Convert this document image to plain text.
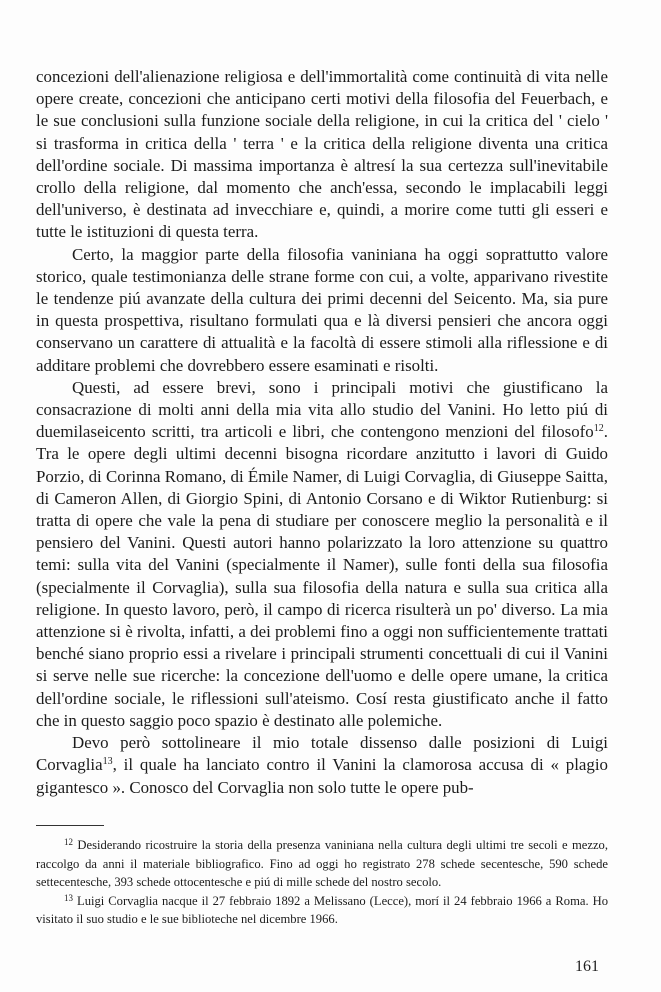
concezioni dell'alienazione religiosa e dell'immortalità come continuità di vita nelle opere create, concezioni che anticipano certi motivi della filosofia del Feuerbach, e le sue conclusioni sulla funzione sociale della religione, in cui la critica del ' cielo ' si trasforma in critica della ' terra ' e la critica della religione diventa una critica dell'ordine sociale. Di massima importanza è altresí la sua certezza sull'inevitabile crollo della religione, dal momento che anch'essa, secondo le implacabili leggi dell'universo, è destinata ad invecchiare e, quindi, a morire come tutti gli esseri e tutte le istituzioni di questa terra.

Certo, la maggior parte della filosofia vaniniana ha oggi soprattutto valore storico, quale testimonianza delle strane forme con cui, a volte, apparivano rivestite le tendenze piú avanzate della cultura dei primi decenni del Seicento. Ma, sia pure in questa prospettiva, risultano formulati qua e là diversi pensieri che ancora oggi conservano un carattere di attualità e la facoltà di essere stimoli alla riflessione e di additare problemi che dovrebbero essere esaminati e risolti.

Questi, ad essere brevi, sono i principali motivi che giustificano la consacrazione di molti anni della mia vita allo studio del Vanini. Ho letto piú di duemilaseicento scritti, tra articoli e libri, che contengono menzioni del filosofo$^{12}$. Tra le opere degli ultimi decenni bisogna ricordare anzitutto i lavori di Guido Porzio, di Corinna Romano, di Émile Namer, di Luigi Corvaglia, di Giuseppe Saitta, di Cameron Allen, di Giorgio Spini, di Antonio Corsano e di Wiktor Rutienburg: si tratta di opere che vale la pena di studiare per conoscere meglio la personalità e il pensiero del Vanini. Questi autori hanno polarizzato la loro attenzione su quattro temi: sulla vita del Vanini (specialmente il Namer), sulle fonti della sua filosofia (specialmente il Corvaglia), sulla sua filosofia della natura e sulla sua critica alla religione. In questo lavoro, però, il campo di ricerca risulterà un po' diverso. La mia attenzione si è rivolta, infatti, a dei problemi fino a oggi non sufficientemente trattati benché siano proprio essi a rivelare i principali strumenti concettuali di cui il Vanini si serve nelle sue ricerche: la concezione dell'uomo e delle opere umane, la critica dell'ordine sociale, le riflessioni sull'ateismo. Cosí resta giustificato anche il fatto che in questo saggio poco spazio è destinato alle polemiche.

Devo però sottolineare il mio totale dissenso dalle posizioni di Luigi Corvaglia$^{13}$, il quale ha lanciato contro il Vanini la clamorosa accusa di « plagio gigantesco ». Conosco del Corvaglia non solo tutte le opere pub-

$^{12}$ Desiderando ricostruire la storia della presenza vaniniana nella cultura degli ultimi tre secoli e mezzo, raccolgo da anni il materiale bibliografico. Fino ad oggi ho registrato 278 schede secentesche, 590 schede settecentesche, 393 schede ottocentesche e piú di mille schede del nostro secolo.

$^{13}$ Luigi Corvaglia nacque il 27 febbraio 1892 a Melissano (Lecce), morí il 24 febbraio 1966 a Roma. Ho visitato il suo studio e le sue biblioteche nel dicembre 1966.

161
